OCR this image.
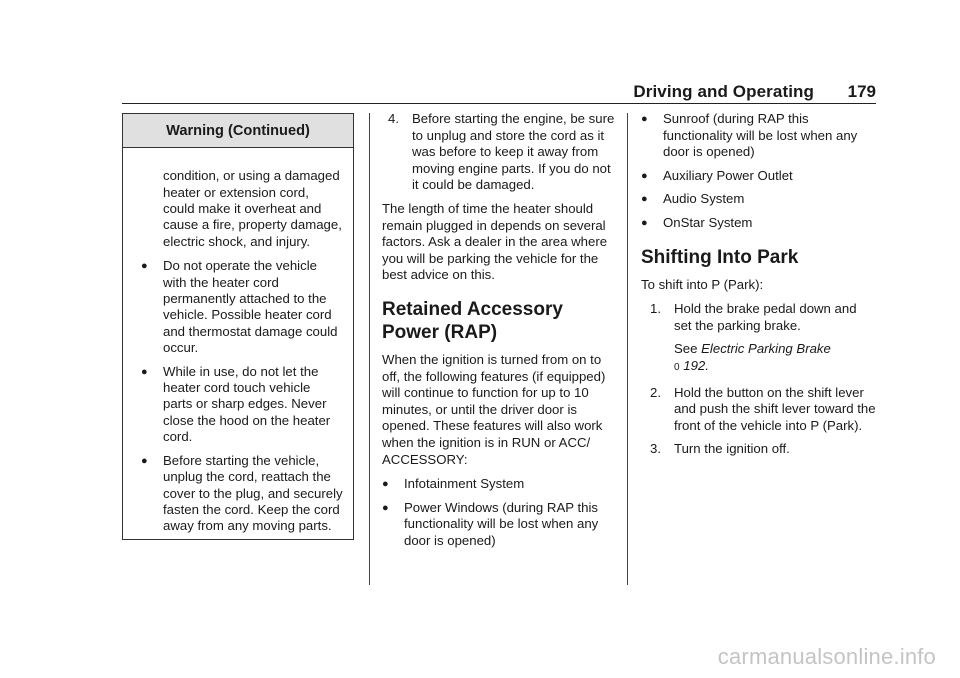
Driving and Operating 179
Warning (Continued)

condition, or using a damaged heater or extension cord, could make it overheat and cause a fire, property damage, electric shock, and injury.

●	Do not operate the vehicle with the heater cord permanently attached to the vehicle. Possible heater cord and thermostat damage could occur.
●	While in use, do not let the heater cord touch vehicle parts or sharp edges. Never close the hood on the heater cord.
●	Before starting the vehicle, unplug the cord, reattach the cover to the plug, and securely fasten the cord. Keep the cord away from any moving parts.
4. Before starting the engine, be sure to unplug and store the cord as it was before to keep it away from moving engine parts. If you do not it could be damaged.

The length of time the heater should remain plugged in depends on several factors. Ask a dealer in the area where you will be parking the vehicle for the best advice on this.

Retained Accessory
Power (RAP)

When the ignition is turned from on to off, the following features (if equipped) will continue to function for up to 10 minutes, or until the driver door is opened. These features will also work when the ignition is in RUN or ACC/ ACCESSORY:

●	Infotainment System
●	Power Windows (during RAP this functionality will be lost when any door is opened)
●	Sunroof (during RAP this functionality will be lost when any door is opened)
●	Auxiliary Power Outlet
●	Audio System
●	OnStar System
Shifting Into Park

To shift into P (Park):

1. Hold the brake pedal down and set the parking brake.

See Electric Parking Brake
0 192.

2. Hold the button on the shift lever and push the shift lever toward the front of the vehicle into P (Park).
3. Turn the ignition off.
carmanualsonline.info
